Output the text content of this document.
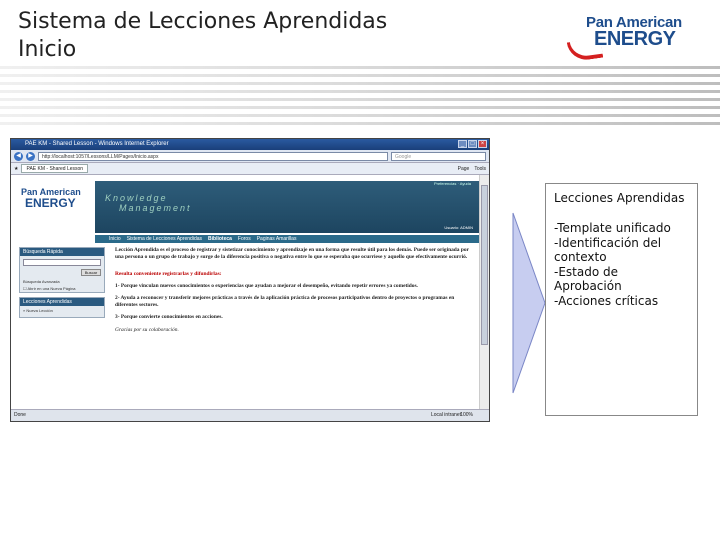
Sistema de Lecciones Aprendidas
Inicio
Pan American
ENERGY
PAE KM - Shared Lesson - Windows Internet Explorer	_	□	×
◀	▶	http://localhost:1057/Lessons/LLM/Pages/Inicio.aspx	Google
★	PAE KM - Shared Lesson	Page Tools
Pan American
ENERGY
Preferencias · Ayuda
Knowledge
Management
Usuario: ADMIN
Inicio Sistema de Lecciones Aprendidas Biblioteca Foros Paginas Amarillas
Búsqueda Rápida
Buscar
Búsqueda Avanzada
☐ Abrir en una Nueva Página
Lecciones Aprendidas
» Nueva Lección

Lección Aprendida es el proceso de registrar y sistetizar conocimiento y aprendizaje en una forma que resulte útil para los demás. Puede ser originada por una persona o un grupo de trabajo y surge de la diferencia positiva o negativa entre lo que se esperaba que ocurriese y aquello que efectivamente ocurrió.

Resulta conveniente registrarlas y difundirlas:

1- Porque vinculan nuevos conocimientos o experiencias que ayudan a mejorar el desempeño, evitando repetir errores ya cometidos.

2- Ayuda a reconocer y transferir mejores prácticas a través de la aplicación práctica de procesos participativos dentro de proyectos o programas en diferentes sectores.

3- Porque convierte conocimientos en acciones.

Gracias por su colaboración.

Done	Local intranet 100%
Lecciones Aprendidas
-Template unificado
-Identificación del contexto
-Estado de Aprobación
-Acciones críticas
